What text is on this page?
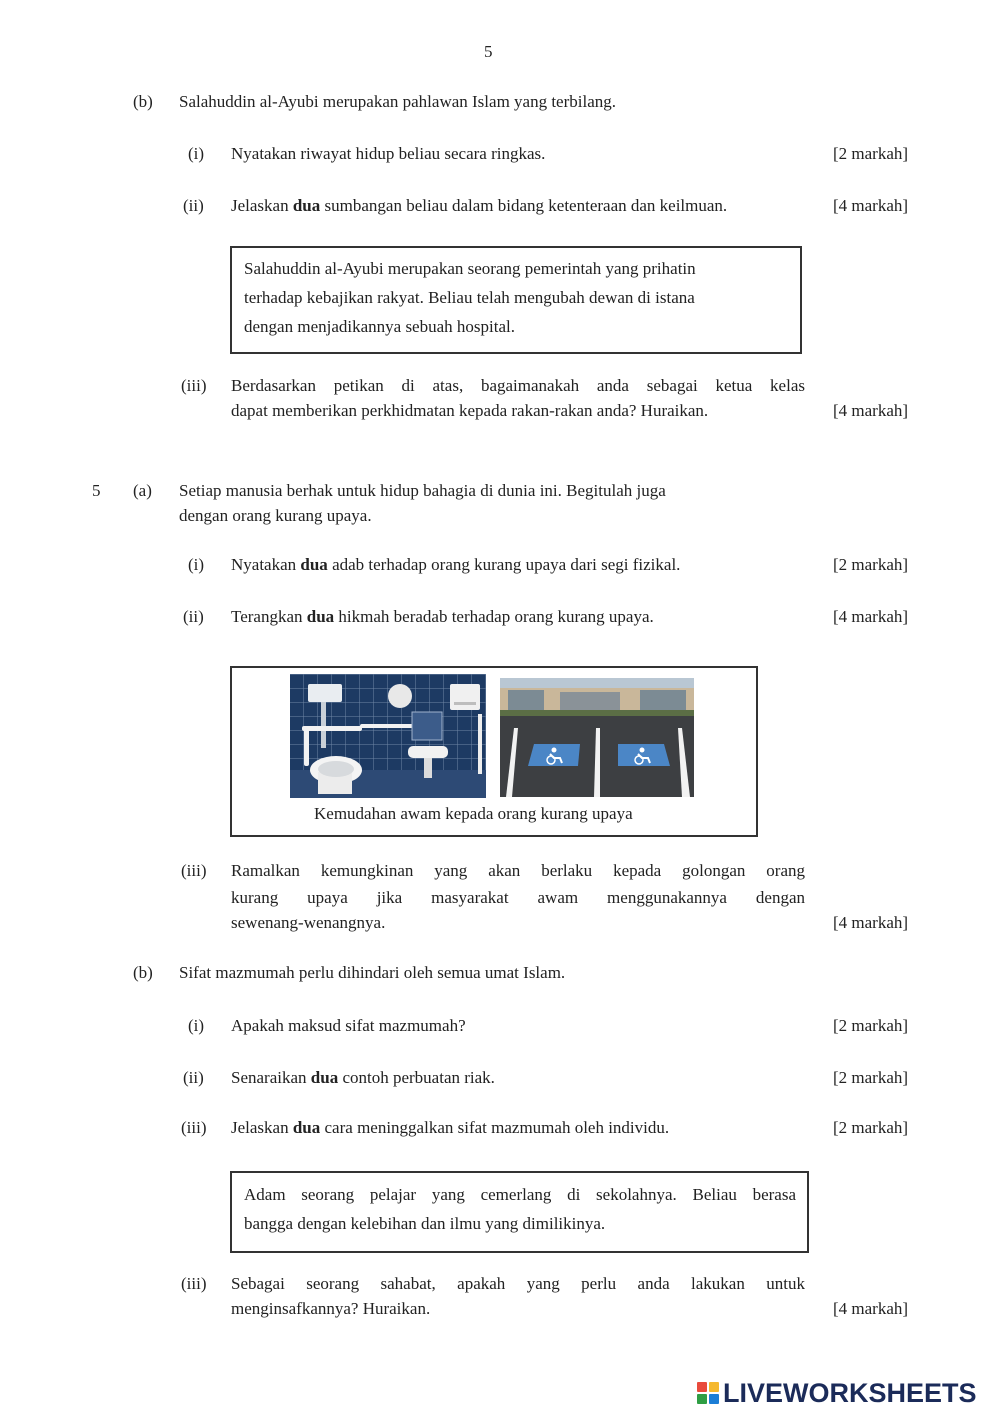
5
(b) Salahuddin al-Ayubi merupakan pahlawan Islam yang terbilang.
(i) Nyatakan riwayat hidup beliau secara ringkas.	[2 markah]
(ii) Jelaskan dua sumbangan beliau dalam bidang ketenteraan dan keilmuan.	[4 markah]
Salahuddin al-Ayubi merupakan seorang pemerintah yang prihatin
terhadap kebajikan rakyat. Beliau telah mengubah dewan di istana
dengan menjadikannya sebuah hospital.
(iii) Berdasarkan petikan di atas, bagaimanakah anda sebagai ketua kelas
dapat memberikan perkhidmatan kepada rakan-rakan anda? Huraikan.	[4 markah]
5 (a) Setiap manusia berhak untuk hidup bahagia di dunia ini. Begitulah juga
dengan orang kurang upaya.
(i) Nyatakan dua adab terhadap orang kurang upaya dari segi fizikal.	[2 markah]
(ii) Terangkan dua hikmah beradab terhadap orang kurang upaya.	[4 markah]
Kemudahan awam kepada orang kurang upaya
(iii) Ramalkan kemungkinan yang akan berlaku kepada golongan orang
kurang upaya jika masyarakat awam menggunakannya dengan
sewenang-wenangnya.	[4 markah]
(b) Sifat mazmumah perlu dihindari oleh semua umat Islam.
(i) Apakah maksud sifat mazmumah?	[2 markah]
(ii) Senaraikan dua contoh perbuatan riak.	[2 markah]
(iii) Jelaskan dua cara meninggalkan sifat mazmumah oleh individu.	[2 markah]
Adam seorang pelajar yang cemerlang di sekolahnya. Beliau berasa
bangga dengan kelebihan dan ilmu yang dimilikinya.
(iii) Sebagai seorang sahabat, apakah yang perlu anda lakukan untuk
menginsafkannya? Huraikan.	[4 markah]
LIVEWORKSHEETS
